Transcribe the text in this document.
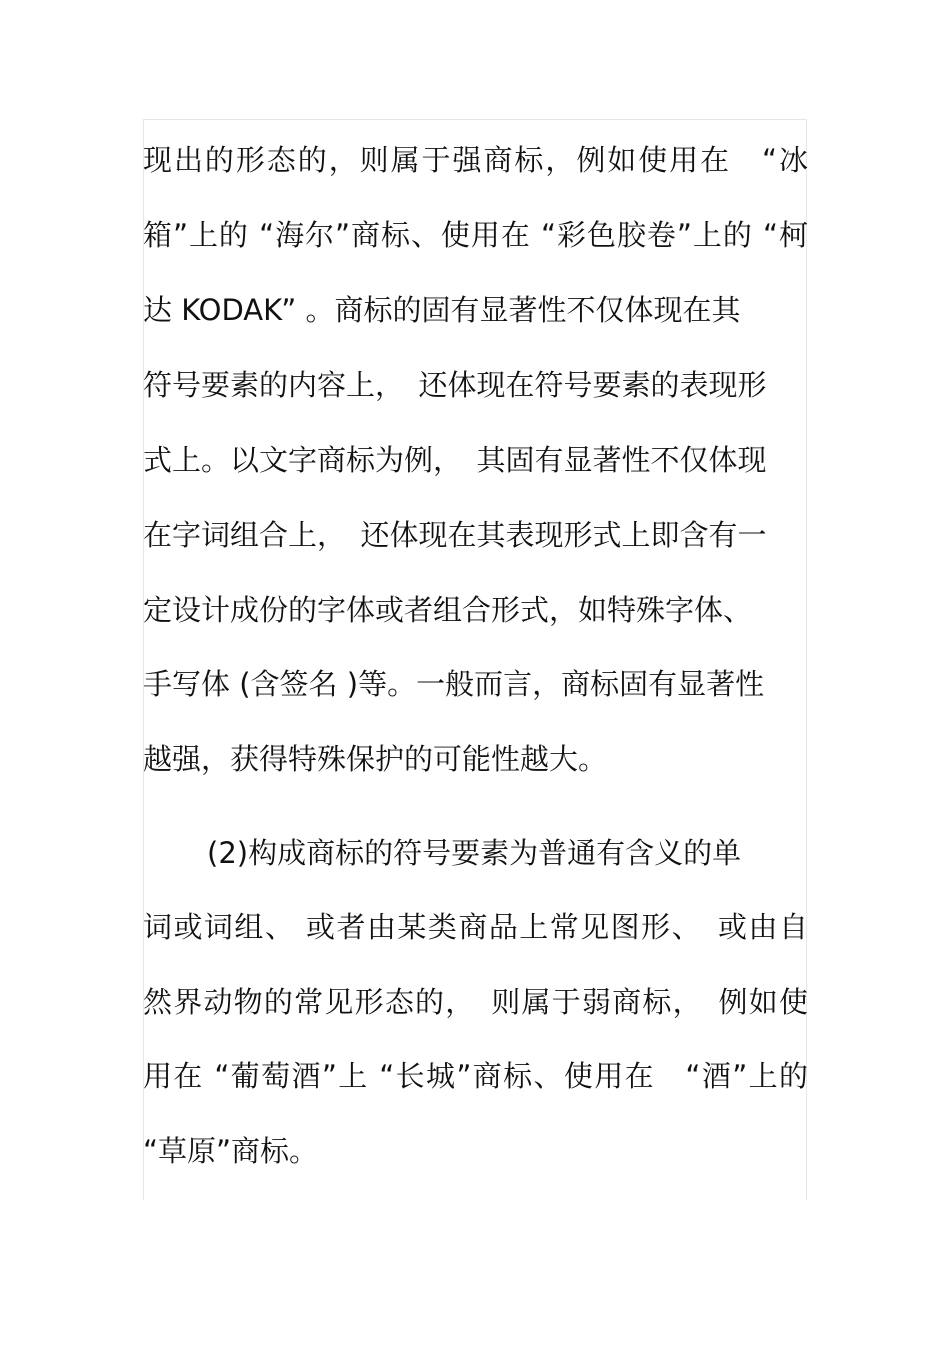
现出的形态的，则属于强商标，例如使用在　“冰
箱”上的 “海尔”商标、使用在 “彩色胶卷”上的 “柯
达 KODAK” 。商标的固有显著性不仅体现在其
符号要素的内容上，　还体现在符号要素的表现形
式上。以文字商标为例，　其固有显著性不仅体现
在字词组合上，　还体现在其表现形式上即含有一
定设计成份的字体或者组合形式，如特殊字体、
手写体 (含签名 )等。一般而言，商标固有显著性
越强，获得特殊保护的可能性越大。
(2)构成商标的符号要素为普通有含义的单
词或词组、 或者由某类商品上常见图形、　或由自
然界动物的常见形态的，　则属于弱商标，　例如使
用在 “葡萄酒”上 “长城”商标、使用在　“酒”上的
“草原”商标。
